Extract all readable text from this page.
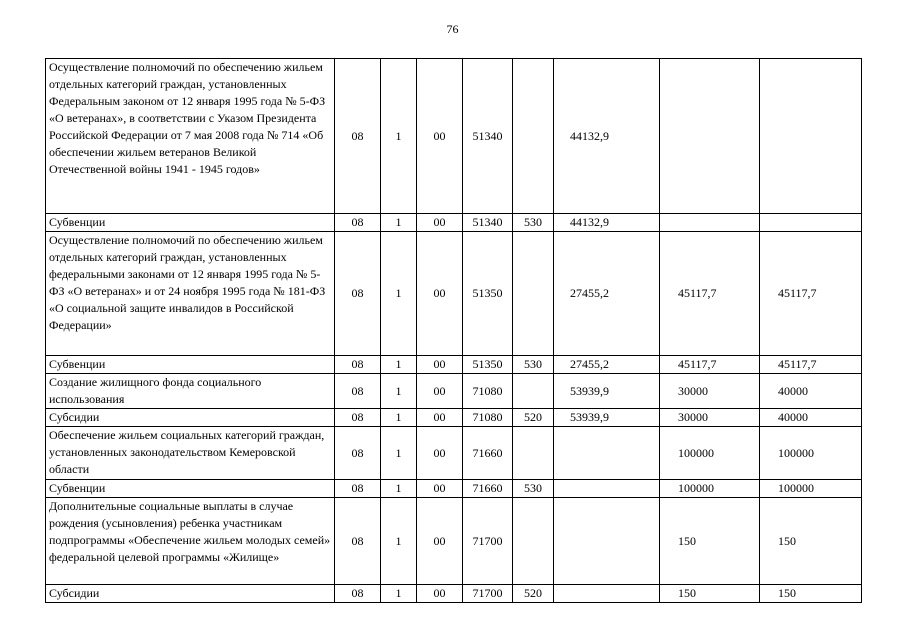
76
Осуществление полномочий по обеспечению жильем отдельных категорий граждан, установленных Федеральным законом от 12 января 1995 года № 5-ФЗ «О ветеранах», в соответствии с Указом Президента Российской Федерации от 7 мая 2008 года № 714 «Об обеспечении жильем ветеранов Великой Отечественной войны 1941 - 1945 годов»	08	1	00	51340		44132,9		
Субвенции	08	1	00	51340	530	44132,9		
Осуществление полномочий по обеспечению жильем отдельных категорий граждан, установленных федеральными законами от 12 января 1995 года № 5-ФЗ «О ветеранах» и от 24 ноября 1995 года № 181-ФЗ «О социальной защите инвалидов в Российской Федерации»	08	1	00	51350		27455,2	45117,7	45117,7
Субвенции	08	1	00	51350	530	27455,2	45117,7	45117,7
Создание жилищного фонда социального использования	08	1	00	71080		53939,9	30000	40000
Субсидии	08	1	00	71080	520	53939,9	30000	40000
Обеспечение жильем социальных категорий граждан, установленных законодательством Кемеровской области	08	1	00	71660			100000	100000
Субвенции	08	1	00	71660	530		100000	100000
Дополнительные социальные выплаты в случае рождения (усыновления) ребенка участникам подпрограммы «Обеспечение жильем молодых семей» федеральной целевой программы «Жилище»	08	1	00	71700			150	150
Субсидии	08	1	00	71700	520		150	150
